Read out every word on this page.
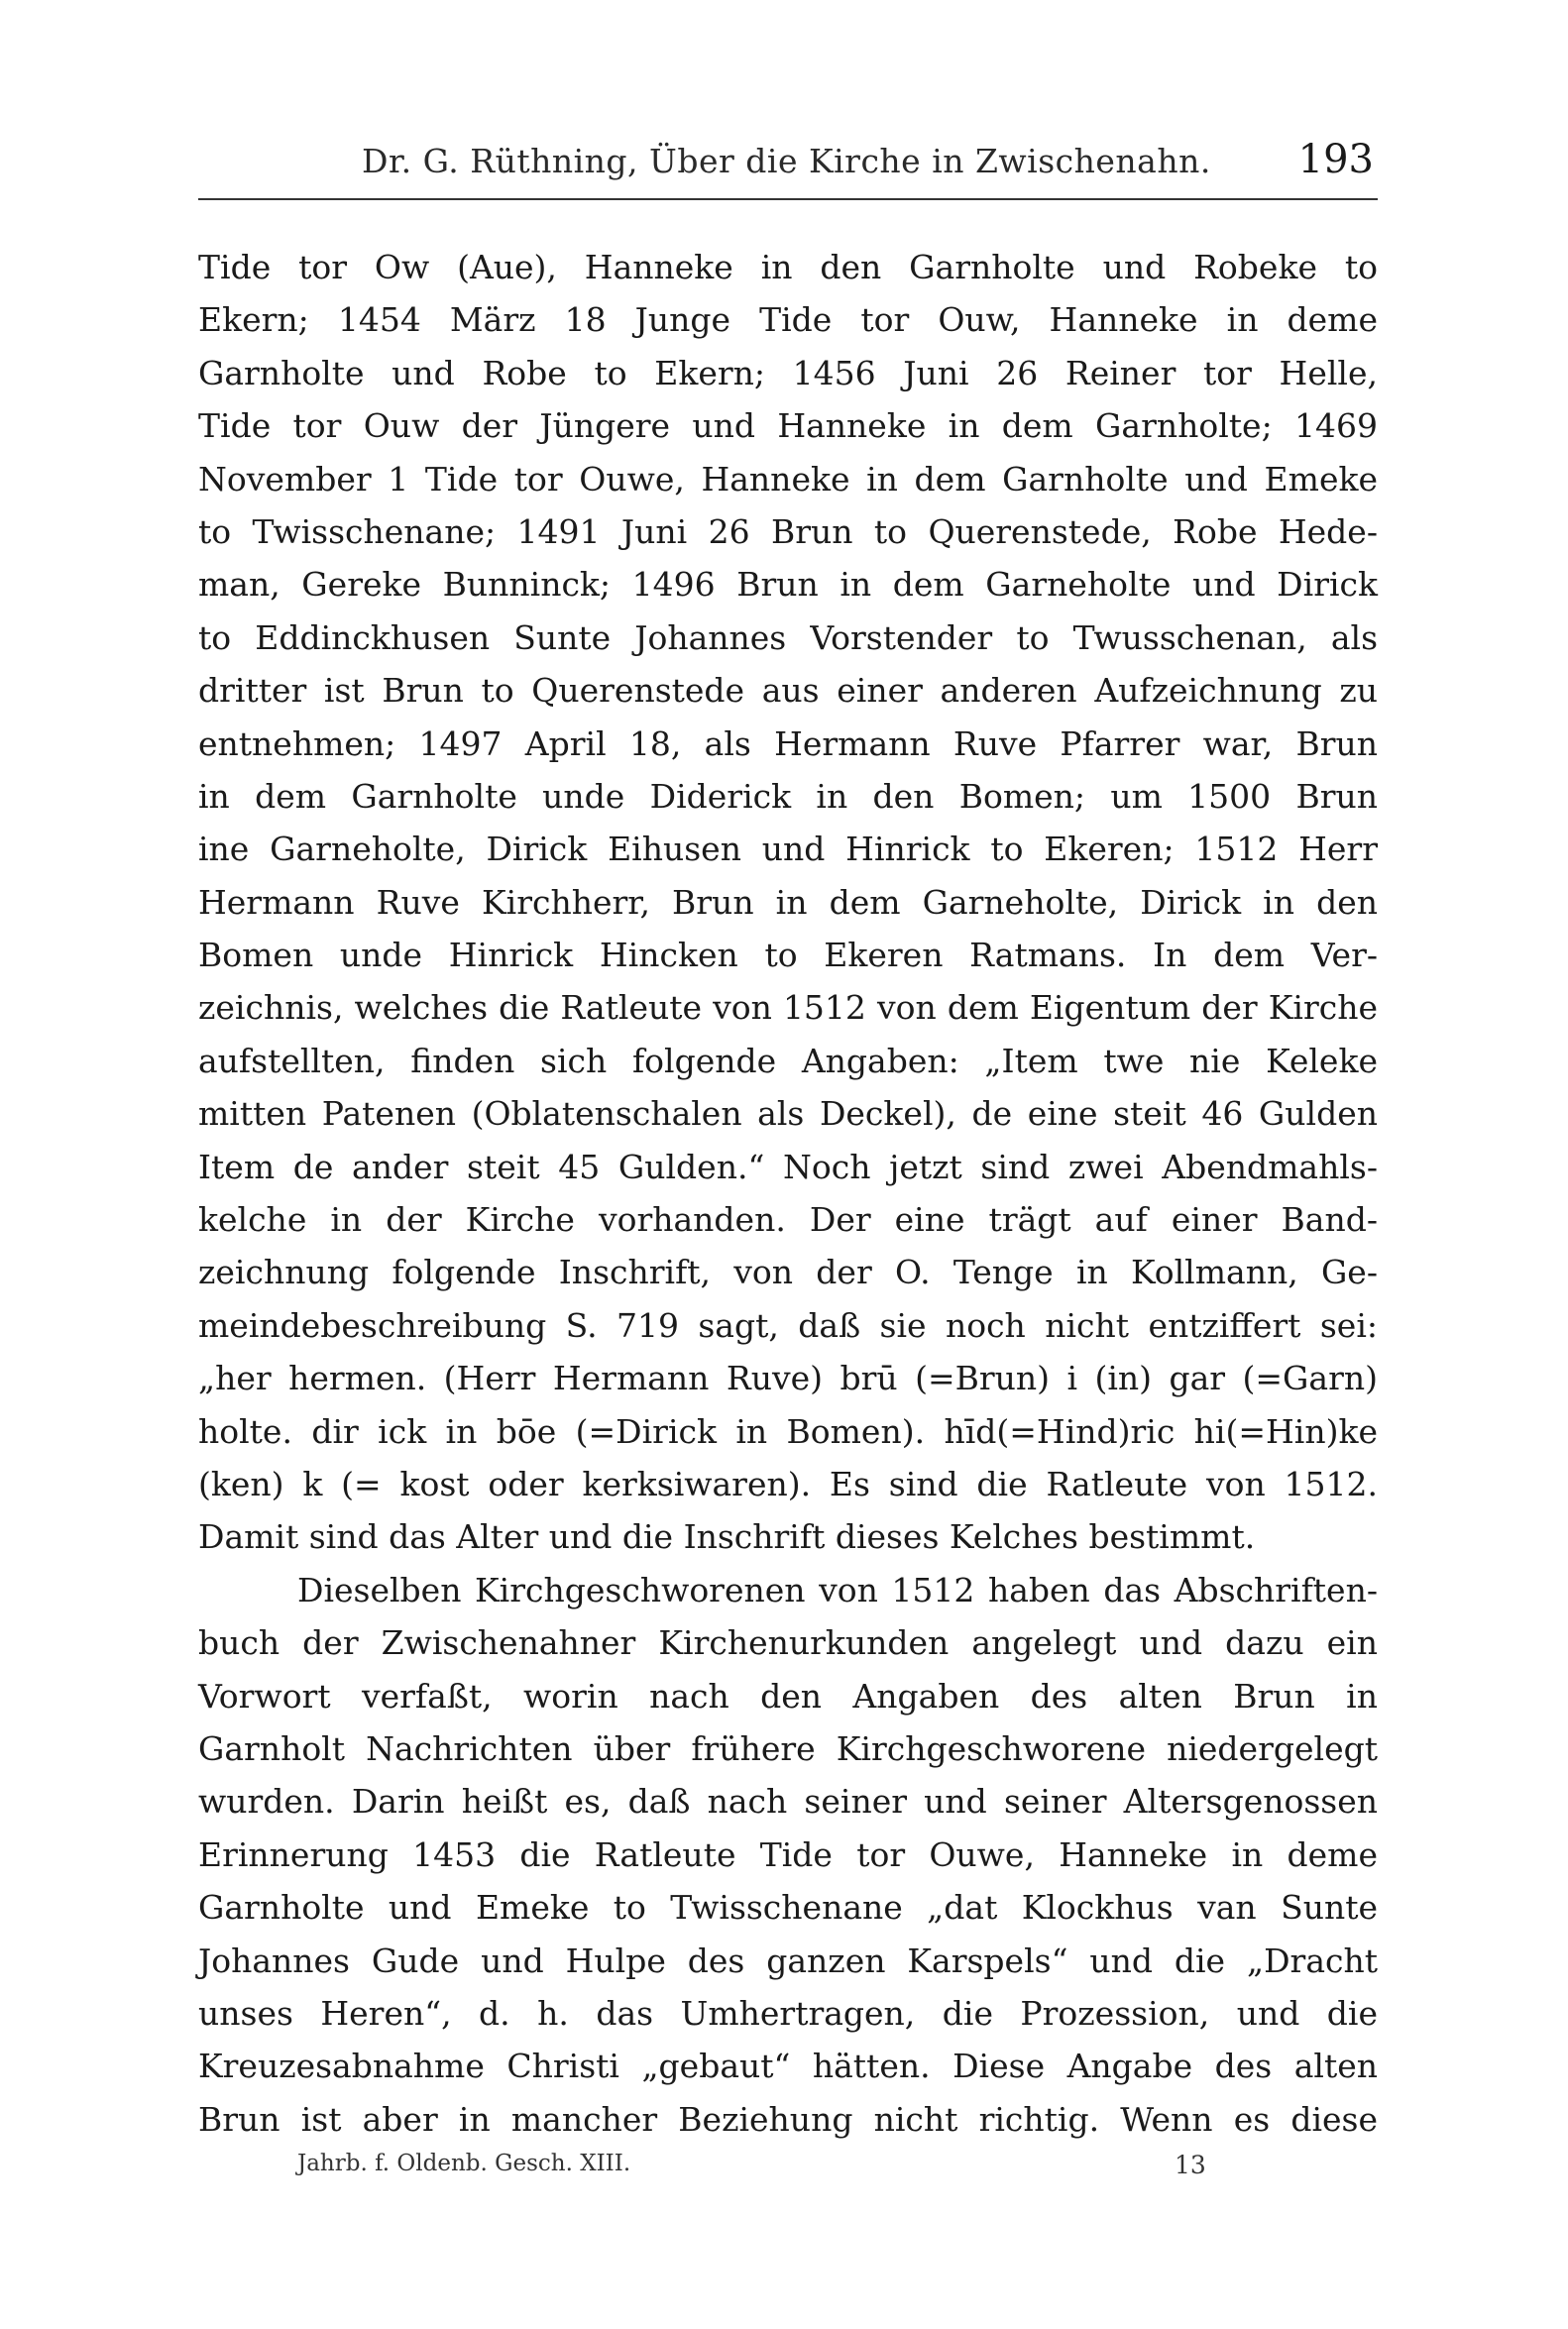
Dr. G. Rüthning, Über die Kirche in Zwischenahn. 193
Tide tor Ow (Aue), Hanneke in den Garnholte und Robeke to
Ekern; 1454 März 18 Junge Tide tor Ouw, Hanneke in deme
Garnholte und Robe to Ekern; 1456 Juni 26 Reiner tor Helle,
Tide tor Ouw der Jüngere und Hanneke in dem Garnholte; 1469
November 1 Tide tor Ouwe, Hanneke in dem Garnholte und Emeke
to Twisschenane; 1491 Juni 26 Brun to Querenstede, Robe Hede-
man, Gereke Bunninck; 1496 Brun in dem Garneholte und Dirick
to Eddinckhusen Sunte Johannes Vorstender to Twusschenan, als
dritter ist Brun to Querenstede aus einer anderen Aufzeichnung zu
entnehmen; 1497 April 18, als Hermann Ruve Pfarrer war, Brun
in dem Garnholte unde Diderick in den Bomen; um 1500 Brun
ine Garneholte, Dirick Eihusen und Hinrick to Ekeren; 1512 Herr
Hermann Ruve Kirchherr, Brun in dem Garneholte, Dirick in den
Bomen unde Hinrick Hincken to Ekeren Ratmans. In dem Ver-
zeichnis, welches die Ratleute von 1512 von dem Eigentum der Kirche
aufstellten, finden sich folgende Angaben: „Item twe nie Keleke
mitten Patenen (Oblatenschalen als Deckel), de eine steit 46 Gulden
Item de ander steit 45 Gulden.“ Noch jetzt sind zwei Abendmahls-
kelche in der Kirche vorhanden. Der eine trägt auf einer Band-
zeichnung folgende Inschrift, von der O. Tenge in Kollmann, Ge-
meindebeschreibung S. 719 sagt, daß sie noch nicht entziffert sei:
„her hermen. (Herr Hermann Ruve) brū (=Brun) i (in) gar (=Garn)
holte. dir ick in bōe (=Dirick in Bomen). hīd(=Hind)ric hi(=Hin)ke
(ken) k (= kost oder kerksiwaren). Es sind die Ratleute von 1512.
Damit sind das Alter und die Inschrift dieses Kelches bestimmt.
Dieselben Kirchgeschworenen von 1512 haben das Abschriften-
buch der Zwischenahner Kirchenurkunden angelegt und dazu ein
Vorwort verfaßt, worin nach den Angaben des alten Brun in
Garnholt Nachrichten über frühere Kirchgeschworene niedergelegt
wurden. Darin heißt es, daß nach seiner und seiner Altersgenossen
Erinnerung 1453 die Ratleute Tide tor Ouwe, Hanneke in deme
Garnholte und Emeke to Twisschenane „dat Klockhus van Sunte
Johannes Gude und Hulpe des ganzen Karspels“ und die „Dracht
unses Heren“, d. h. das Umhertragen, die Prozession, und die
Kreuzesabnahme Christi „gebaut“ hätten. Diese Angabe des alten
Brun ist aber in mancher Beziehung nicht richtig. Wenn es diese
Jahrb. f. Oldenb. Gesch. XIII.	13
